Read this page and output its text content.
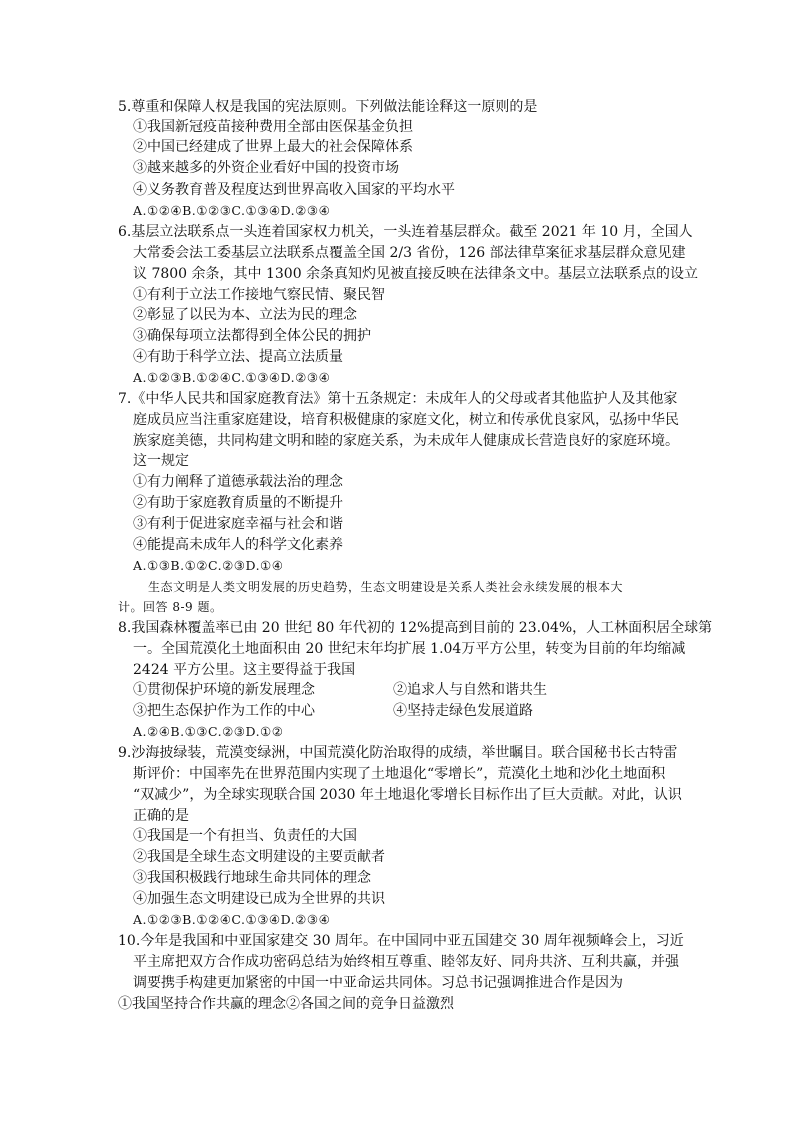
5.尊重和保障人权是我国的宪法原则。下列做法能诠释这一原则的是
①我国新冠疫苗接种费用全部由医保基金负担
②中国已经建成了世界上最大的社会保障体系
③越来越多的外资企业看好中国的投资市场
④义务教育普及程度达到世界高收入国家的平均水平
A.①②④B.①②③C.①③④D.②③④
6.基层立法联系点一头连着国家权力机关，一头连着基层群众。截至 2021 年 10 月，全国人
大常委会法工委基层立法联系点覆盖全国 2/3 省份，126 部法律草案征求基层群众意见建
议 7800 余条，其中 1300 余条真知灼见被直接反映在法律条文中。基层立法联系点的设立
①有利于立法工作接地气察民情、聚民智
②彰显了以民为本、立法为民的理念
③确保每项立法都得到全体公民的拥护
④有助于科学立法、提高立法质量
A.①②③B.①②④C.①③④D.②③④
7.《中华人民共和国家庭教育法》第十五条规定：未成年人的父母或者其他监护人及其他家
庭成员应当注重家庭建设，培育积极健康的家庭文化，树立和传承优良家风，弘扬中华民
族家庭美德，共同构建文明和睦的家庭关系，为未成年人健康成长营造良好的家庭环境。
这一规定
①有力阐释了道德承载法治的理念
②有助于家庭教育质量的不断提升
③有利于促进家庭幸福与社会和谐
④能提高未成年人的科学文化素养
A.①③B.①②C.②③D.①④
生态文明是人类文明发展的历史趋势，生态文明建设是关系人类社会永续发展的根本大
计。回答 8-9 题。
8.我国森林覆盖率已由 20 世纪 80 年代初的 12%提高到目前的 23.04%，人工林面积居全球第
一。全国荒漠化土地面积由 20 世纪末年均扩展 1.04万平方公里，转变为目前的年均缩减
2424 平方公里。这主要得益于我国
①贯彻保护环境的新发展理念	②追求人与自然和谐共生
③把生态保护作为工作的中心	④坚持走绿色发展道路
A.②④B.①③C.②③D.①②
9.沙海披绿装，荒漠变绿洲，中国荒漠化防治取得的成绩，举世瞩目。联合国秘书长古特雷
斯评价：中国率先在世界范围内实现了土地退化“零增长”，荒漠化土地和沙化土地面积
“双减少”，为全球实现联合国 2030 年土地退化零增长目标作出了巨大贡献。对此，认识
正确的是
①我国是一个有担当、负责任的大国
②我国是全球生态文明建设的主要贡献者
③我国积极践行地球生命共同体的理念
④加强生态文明建设已成为全世界的共识
A.①②③B.①②④C.①③④D.②③④
10.今年是我国和中亚国家建交 30 周年。在中国同中亚五国建交 30 周年视频峰会上，习近
平主席把双方合作成功密码总结为始终相互尊重、睦邻友好、同舟共济、互利共赢，并强
调要携手构建更加紧密的中国一中亚命运共同体。习总书记强调推进合作是因为
①我国坚持合作共赢的理念②各国之间的竞争日益激烈
